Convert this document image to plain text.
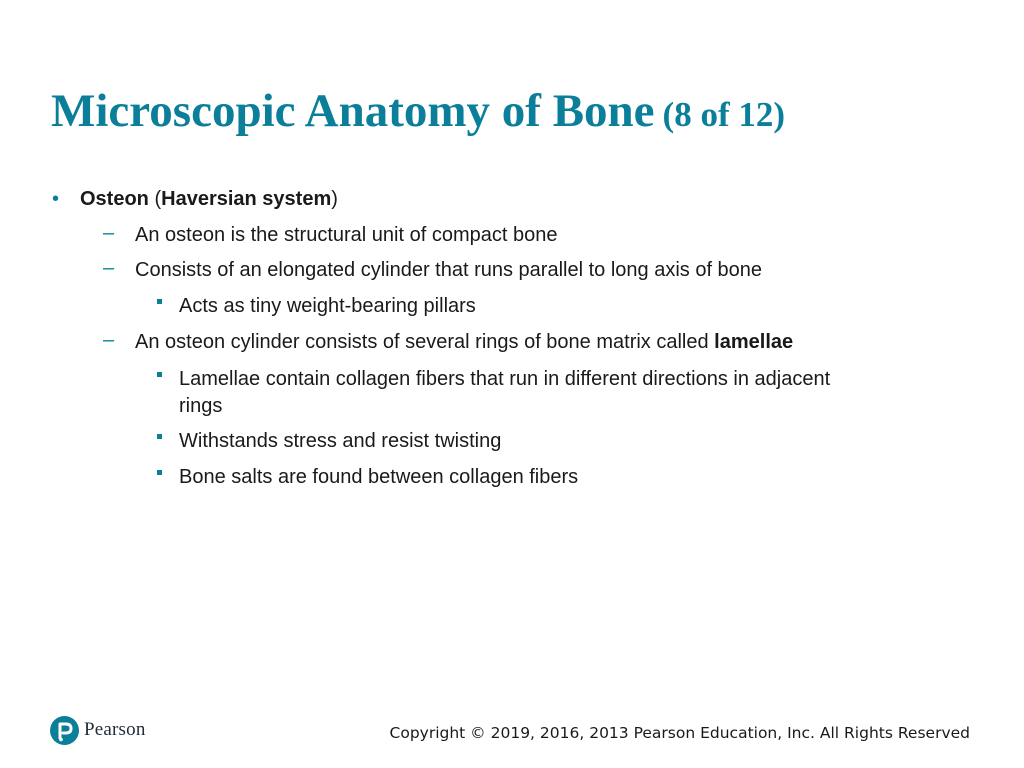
Microscopic Anatomy of Bone (8 of 12)
• Osteon (Haversian system)
– An osteon is the structural unit of compact bone
– Consists of an elongated cylinder that runs parallel to long axis of bone
Acts as tiny weight-bearing pillars
– An osteon cylinder consists of several rings of bone matrix called lamellae
Lamellae contain collagen fibers that run in different directions in adjacent
rings
Withstands stress and resist twisting
Bone salts are found between collagen fibers
Pearson	Copyright © 2019, 2016, 2013 Pearson Education, Inc. All Rights Reserved
